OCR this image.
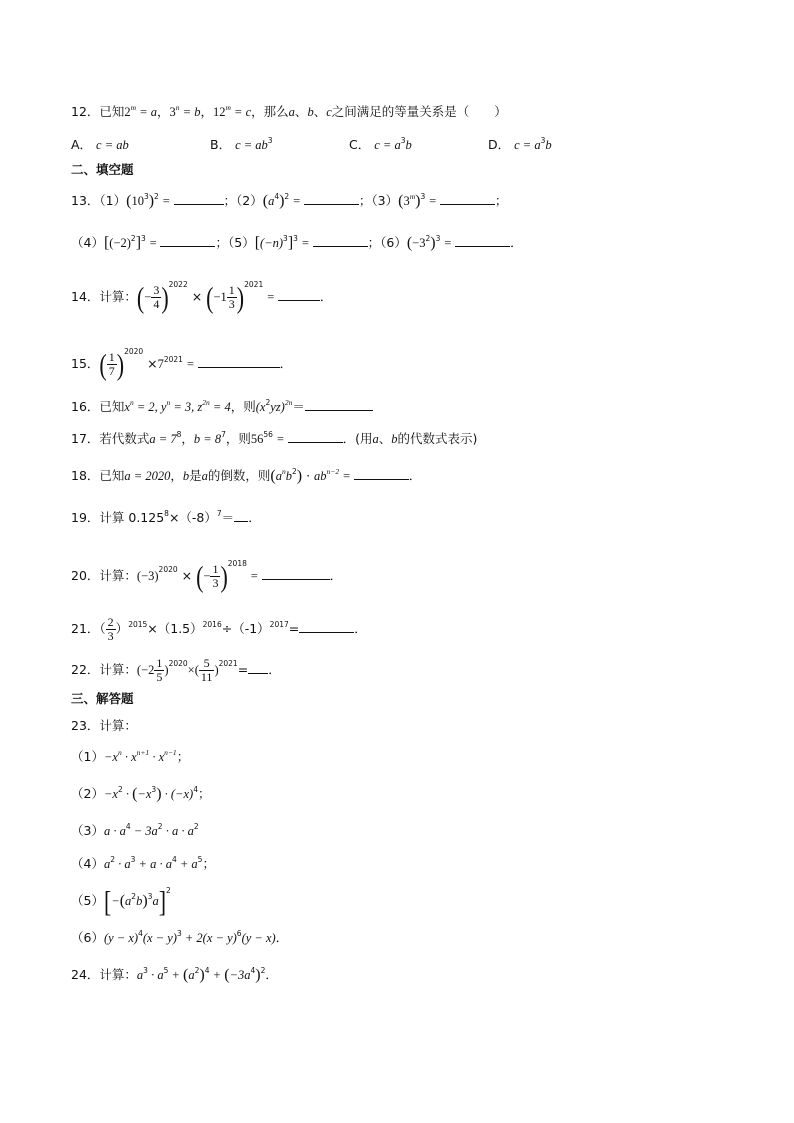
12．已知$2^m = a$，$3^n = b$，$12^m = c$，那么a、b、c之间满足的等量关系是（　　）
A． c = ab	B． $c = ab^3$	C． $c = a^3b$	D． $c = a^3b$
二、填空题
13．$(1)(10^3)^2$ =	；$(2)(a^4)^2$ =	；$(3)(3^m)^3$ =	；
$(4)[(-2)^2]^3$ =	；$(5)[(-n)^3]^3$ =	；$(6)(-3^2)^3$ =	．
14．计算：(− $\frac{3}{4} )^{2022} \times (-1 \frac{1}{3} )^{2021}$ =	．
15．( $\frac{1}{7} )^{2020} \times 7^{2021}$ =	．
16．已知$x^n = 2$, $y^n = 3$, $z^{2n} = 4$，则$(x^2yz)^{2n}=$
17．若代数式$a = 7^8$，$b = 8^7$，则$56^{56}$ =	．(用a、b的代数式表示)
18．已知a = 2020，b是a的倒数，则$(a^nb^2) \cdot ab^{n-2}$ =	．
19．计算 $0.125^8\times(-8)^7=$ ．
20．计算：$(-3)^{2020}$ × (− $\frac{1}{3} )^{2018}$ =	．
21．（ $\frac{2}{3} )^{2015}\times(1.5)^{2016}\div(-1)^{2017}=$	．
22．计算：$(-2 \frac{1}{5} )^{2020}\times( \frac{5}{11} )^{2021}=$ ．
三、解答题
23．计算：
$(1)-x^n \cdot x^{n+1} \cdot x^{n-1}$；
$(2)-x^2 \cdot (-x^3) \cdot (-x)^4$；
$(3)a \cdot a^4 - 3a^2 \cdot a \cdot a^2$
$(4)a^2 \cdot a^3 + a \cdot a^4 + a^5$；
$(5)[-(a^2b)^3a]^2$
$(6)(y - x)^4(x - y)^3 + 2(x - y)^6(y - x)$．
24．计算：$a^3 \cdot a^5 + (a^2)^4 + (-3a^4)^2$．
